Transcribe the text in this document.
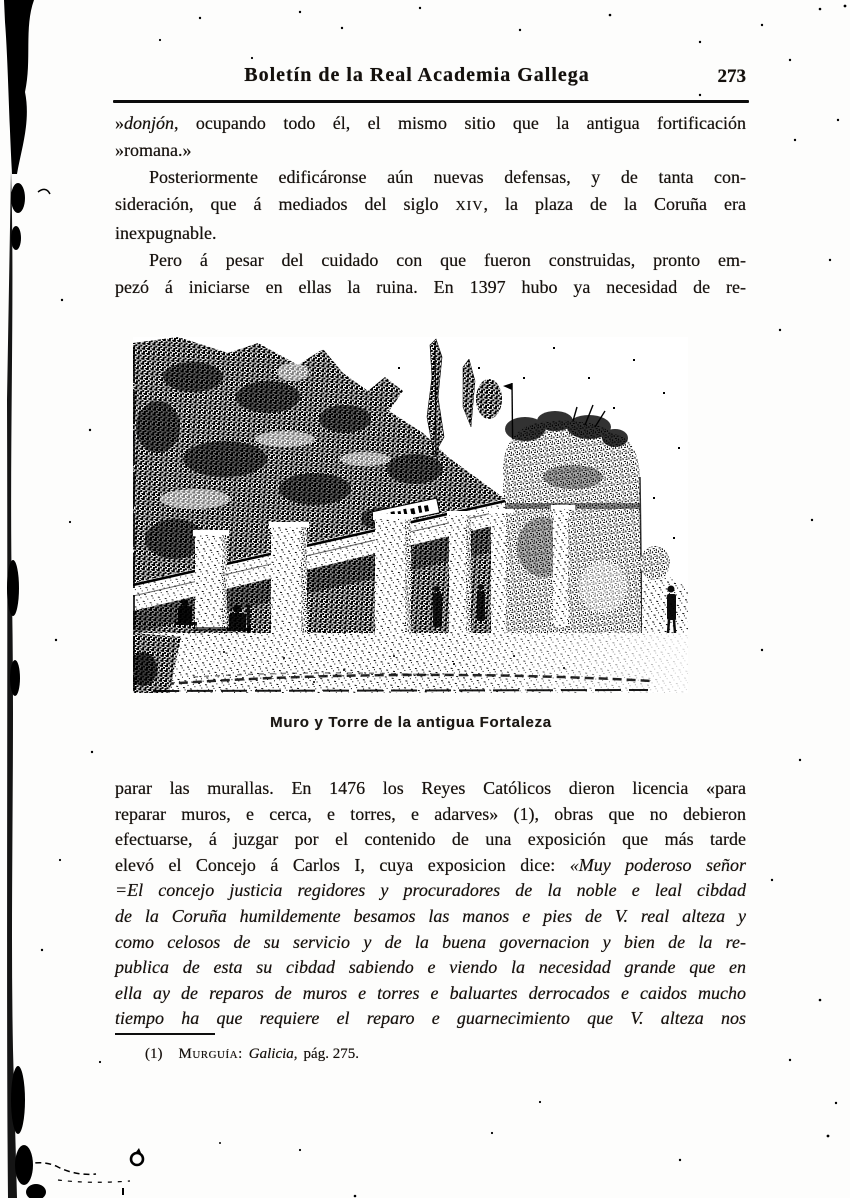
Boletín de la Real Academia Gallega	273
»donjón, ocupando todo él, el mismo sitio que la antigua fortificación
»romana.»
Posteriormente edificáronse aún nuevas defensas, y de tanta con-
sideración, que á mediados del siglo XIV, la plaza de la Coruña era
inexpugnable.
Pero á pesar del cuidado con que fueron construidas, pronto em-
pezó á iniciarse en ellas la ruina. En 1397 hubo ya necesidad de re-
Muro y Torre de la antigua Fortaleza
parar las murallas. En 1476 los Reyes Católicos dieron licencia «para
reparar muros, e cerca, e torres, e adarves» (1), obras que no debieron
efectuarse, á juzgar por el contenido de una exposición que más tarde
elevó el Concejo á Carlos I, cuya exposicion dice: «Muy poderoso señor
=El concejo justicia regidores y procuradores de la noble e leal cibdad
de la Coruña humildemente besamos las manos e pies de V. real alteza y
como celosos de su servicio y de la buena governacion y bien de la re-
publica de esta su cibdad sabiendo e viendo la necesidad grande que en
ella ay de reparos de muros e torres e baluartes derrocados e caidos mucho
tiempo ha que requiere el reparo e guarnecimiento que V. alteza nos
(1) Murguía: Galicia, pág. 275.
